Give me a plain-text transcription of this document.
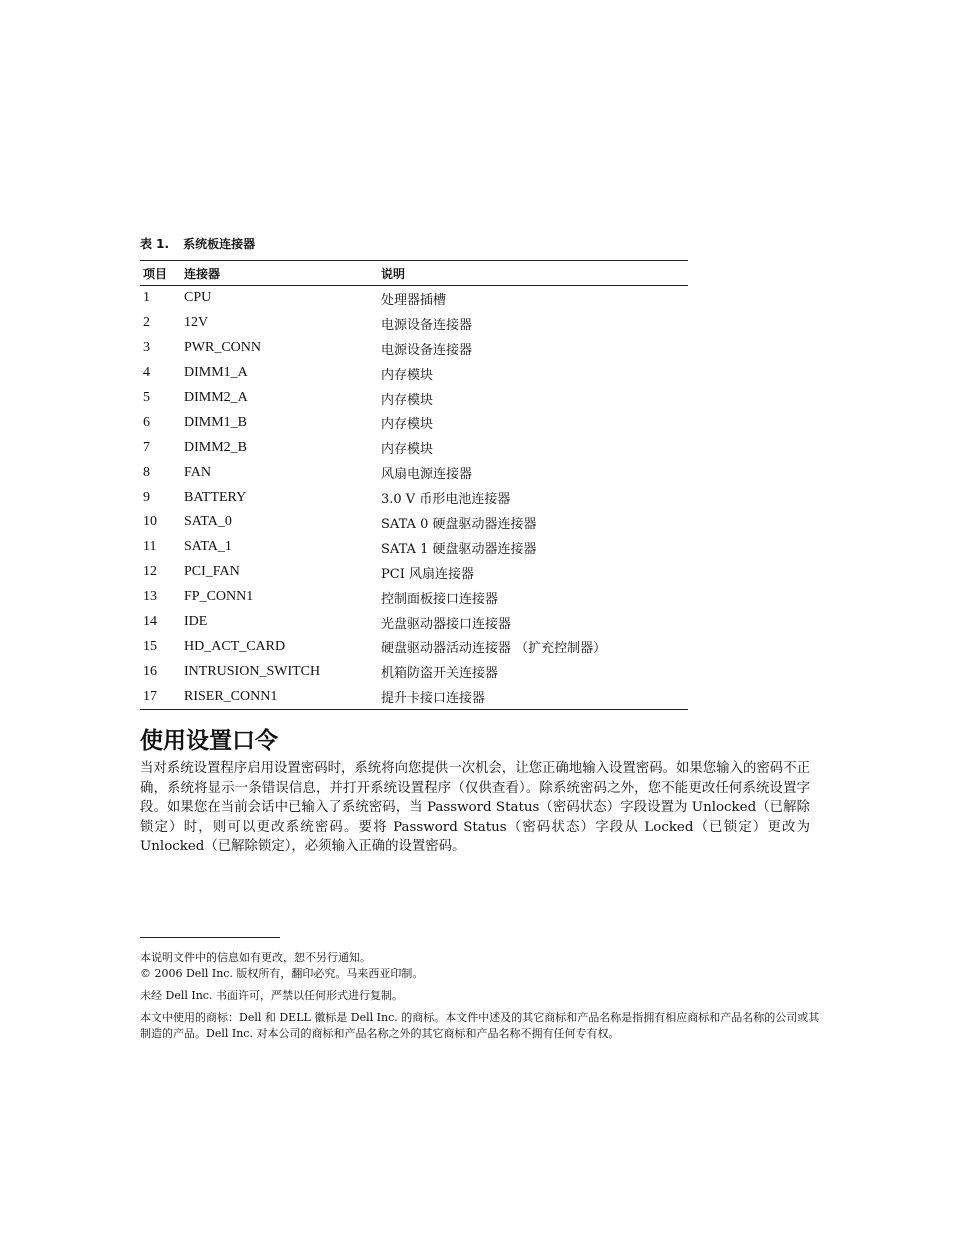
表 1. 系统板连接器
项目	连接器	说明
1	CPU	处理器插槽
2	12V	电源设备连接器
3	PWR_CONN	电源设备连接器
4	DIMM1_A	内存模块
5	DIMM2_A	内存模块
6	DIMM1_B	内存模块
7	DIMM2_B	内存模块
8	FAN	风扇电源连接器
9	BATTERY	3.0 V 币形电池连接器
10	SATA_0	SATA 0 硬盘驱动器连接器
11	SATA_1	SATA 1 硬盘驱动器连接器
12	PCI_FAN	PCI 风扇连接器
13	FP_CONN1	控制面板接口连接器
14	IDE	光盘驱动器接口连接器
15	HD_ACT_CARD	硬盘驱动器活动连接器 （扩充控制器）
16	INTRUSION_SWITCH	机箱防盗开关连接器
17	RISER_CONN1	提升卡接口连接器
使用设置口令

当对系统设置程序启用设置密码时，系统将向您提供一次机会，让您正确地输入设置密码。如果您输入的密码不正确，系统将显示一条错误信息，并打开系统设置程序（仅供查看）。除系统密码之外，您不能更改任何系统设置字段。如果您在当前会话中已输入了系统密码，当 Password Status（密码状态）字段设置为 Unlocked（已解除锁定）时，则可以更改系统密码。要将 Password Status（密码状态）字段从 Locked（已锁定）更改为 Unlocked（已解除锁定），必须输入正确的设置密码。

本说明文件中的信息如有更改，恕不另行通知。

© 2006 Dell Inc. 版权所有，翻印必究。马来西亚印制。

未经 Dell Inc. 书面许可，严禁以任何形式进行复制。

本文中使用的商标：Dell 和 DELL 徽标是 Dell Inc. 的商标。本文件中述及的其它商标和产品名称是指拥有相应商标和产品名称的公司或其制造的产品。Dell Inc. 对本公司的商标和产品名称之外的其它商标和产品名称不拥有任何专有权。
